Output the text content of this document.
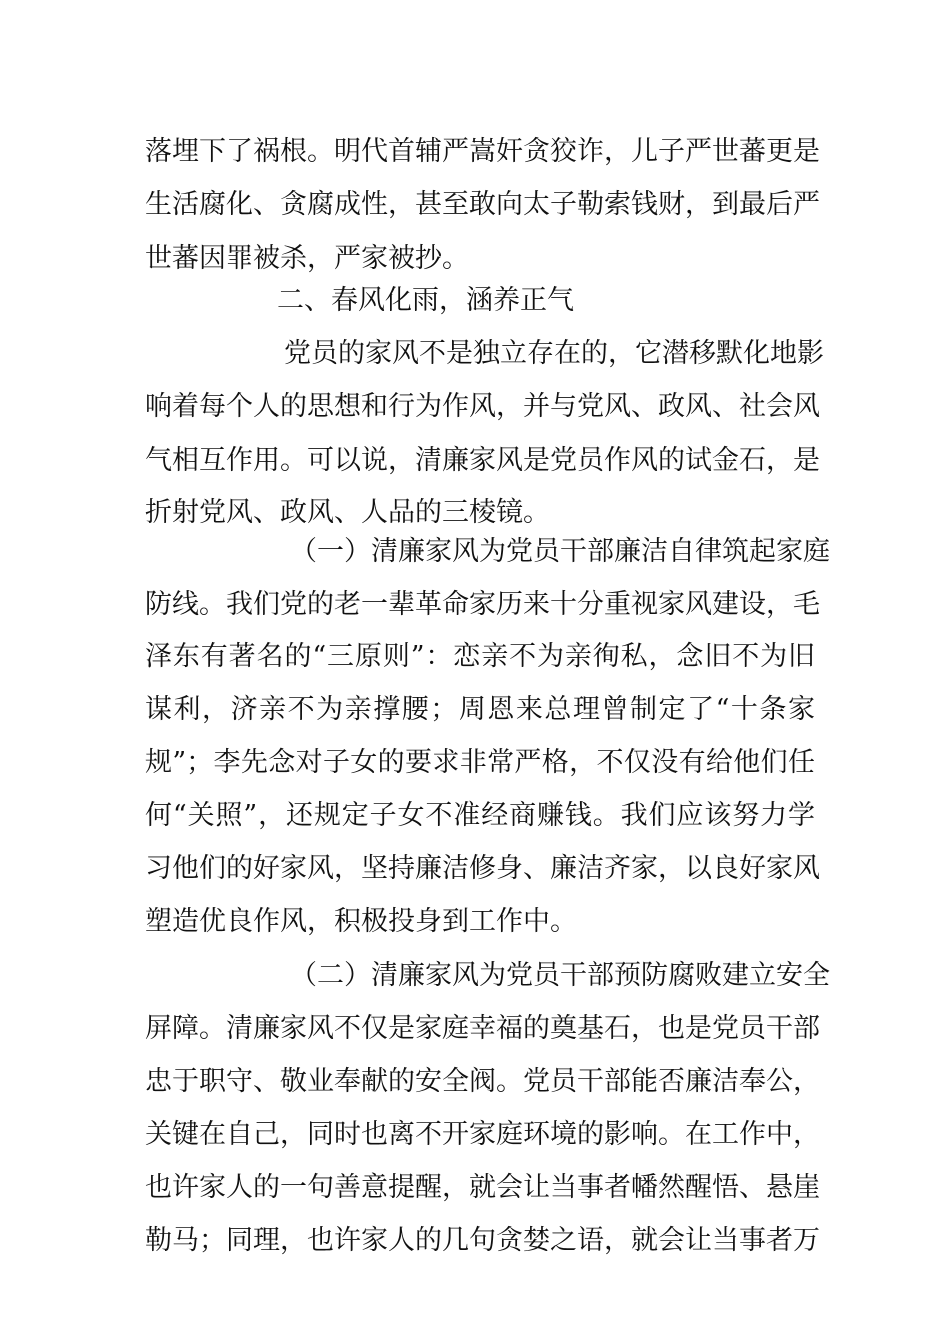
落埋下了祸根。明代首辅严嵩奸贪狡诈，儿子严世蕃更是
生活腐化、贪腐成性，甚至敢向太子勒索钱财，到最后严
世蕃因罪被杀，严家被抄。
二、春风化雨，涵养正气
党员的家风不是独立存在的，它潜移默化地影
响着每个人的思想和行为作风，并与党风、政风、社会风
气相互作用。可以说，清廉家风是党员作风的试金石，是
折射党风、政风、人品的三棱镜。
（一）清廉家风为党员干部廉洁自律筑起家庭
防线。我们党的老一辈革命家历来十分重视家风建设，毛
泽东有著名的“三原则”：恋亲不为亲徇私，念旧不为旧
谋利，济亲不为亲撑腰；周恩来总理曾制定了“十条家
规”；李先念对子女的要求非常严格，不仅没有给他们任
何“关照”，还规定子女不准经商赚钱。我们应该努力学
习他们的好家风，坚持廉洁修身、廉洁齐家，以良好家风
塑造优良作风，积极投身到工作中。
（二）清廉家风为党员干部预防腐败建立安全
屏障。清廉家风不仅是家庭幸福的奠基石，也是党员干部
忠于职守、敬业奉献的安全阀。党员干部能否廉洁奉公，
关键在自己，同时也离不开家庭环境的影响。在工作中，
也许家人的一句善意提醒，就会让当事者幡然醒悟、悬崖
勒马；同理，也许家人的几句贪婪之语，就会让当事者万
